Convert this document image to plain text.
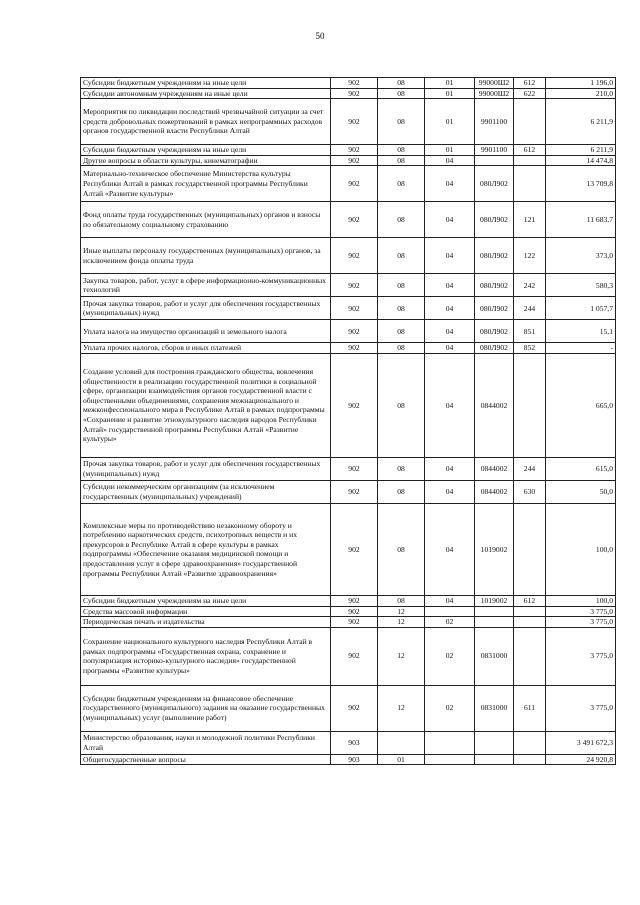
50
Субсидии бюджетным учреждениям на иные цели	902	08	01	99000Ш2	612	1 196,0
Субсидии автономным учреждениям на иные цели	902	08	01	99000Ш2	622	210,0
Мероприятия по ликвидации последствий чрезвычайной ситуации за счет средств добровольных пожертвований в рамках непрограммных расходов органов государственной власти Республики Алтай	902	08	01	9901100		6 211,9
Субсидии бюджетным учреждениям на иные цели	902	08	01	9901100	612	6 211,9
Другие вопросы в области культуры, кинематографии	902	08	04			14 474,8
Материально-техническое обеспечение Министерства культуры Республики Алтай в рамках государственной программы Республики Алтай «Развитие культуры»	902	08	04	080Л902		13 709,8
Фонд оплаты труда государственных (муниципальных) органов и взносы по обязательному социальному страхованию	902	08	04	080Л902	121	11 683,7
Иные выплаты персоналу государственных (муниципальных) органов, за исключением фонда оплаты труда	902	08	04	080Л902	122	373,0
Закупка товаров, работ, услуг в сфере информационно-коммуникационных технологий	902	08	04	080Л902	242	580,3
Прочая закупка товаров, работ и услуг для обеспечения государственных (муниципальных) нужд	902	08	04	080Л902	244	1 057,7
Уплата налога на имущество организаций и земельного налога	902	08	04	080Л902	851	15,1
Уплата прочих налогов, сборов и иных платежей	902	08	04	080Л902	852	-
Создание условий для построения гражданского общества, вовлечения общественности в реализацию государственной политики в социальной сфере, организации взаимодействия органов государственной власти с общественными объединениями, сохранения межнационального и межконфессионального мира в Республике Алтай в рамках подпрограммы «Сохранение и развитие этнокультурного наследия народов Республики Алтай» государственной программы Республики Алтай «Развитие культуры»	902	08	04	0844002		665,0
Прочая закупка товаров, работ и услуг для обеспечения государственных (муниципальных) нужд	902	08	04	0844002	244	615,0
Субсидии некоммерческим организациям (за исключением государственных (муниципальных) учреждений)	902	08	04	0844002	630	50,0
Комплексные меры по противодействию незаконному обороту и потреблению наркотических средств, психотропных веществ и их прекурсоров в Республике Алтай в сфере культуры в рамках подпрограммы «Обеспечение оказания медицинской помощи и предоставления услуг в сфере здравоохранения» государственной программы Республики Алтай «Развитие здравоохранения»	902	08	04	1019002		100,0
Субсидии бюджетным учреждениям на иные цели	902	08	04	1019002	612	100,0
Средства массовой информации	902	12				3 775,0
Периодическая печать и издательства	902	12	02			3 775,0
Сохранение национального культурного наследия Республики Алтай в рамках подпрограммы «Государственная охрана, сохранение и популяризация историко-культурного наследия» государственной программы «Развитие культуры»	902	12	02	0831000		3 775,0
Субсидии бюджетным учреждениям на финансовое обеспечение государственного (муниципального) задания на оказание государственных (муниципальных) услуг (выполнение работ)	902	12	02	0831000	611	3 775,0
Министерство образования, науки и молодежной политики Республики Алтай	903					3 491 672,3
Общегосударственные вопросы	903	01				24 920,8
